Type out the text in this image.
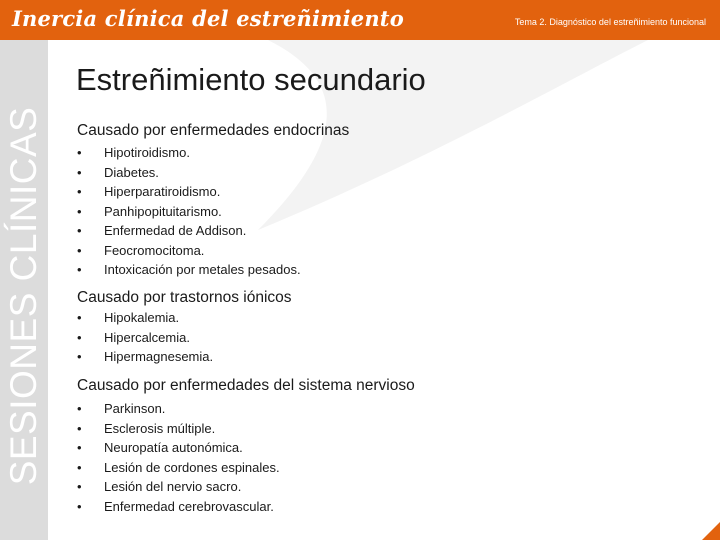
Inercia clínica del estreñimiento	Tema 2. Diagnóstico del estreñimiento funcional
SESIONES CLÍNICAS
Estreñimiento secundario
Causado por enfermedades endocrinas
• Hipotiroidismo.
• Diabetes.
• Hiperparatiroidismo.
• Panhipopituitarismo.
• Enfermedad de Addison.
• Feocromocitoma.
• Intoxicación por metales pesados.
Causado por trastornos iónicos
• Hipokalemia.
• Hipercalcemia.
• Hipermagnesemia.
Causado por enfermedades del sistema nervioso
• Parkinson.
• Esclerosis múltiple.
• Neuropatía autonómica.
• Lesión de cordones espinales.
• Lesión del nervio sacro.
• Enfermedad cerebrovascular.
